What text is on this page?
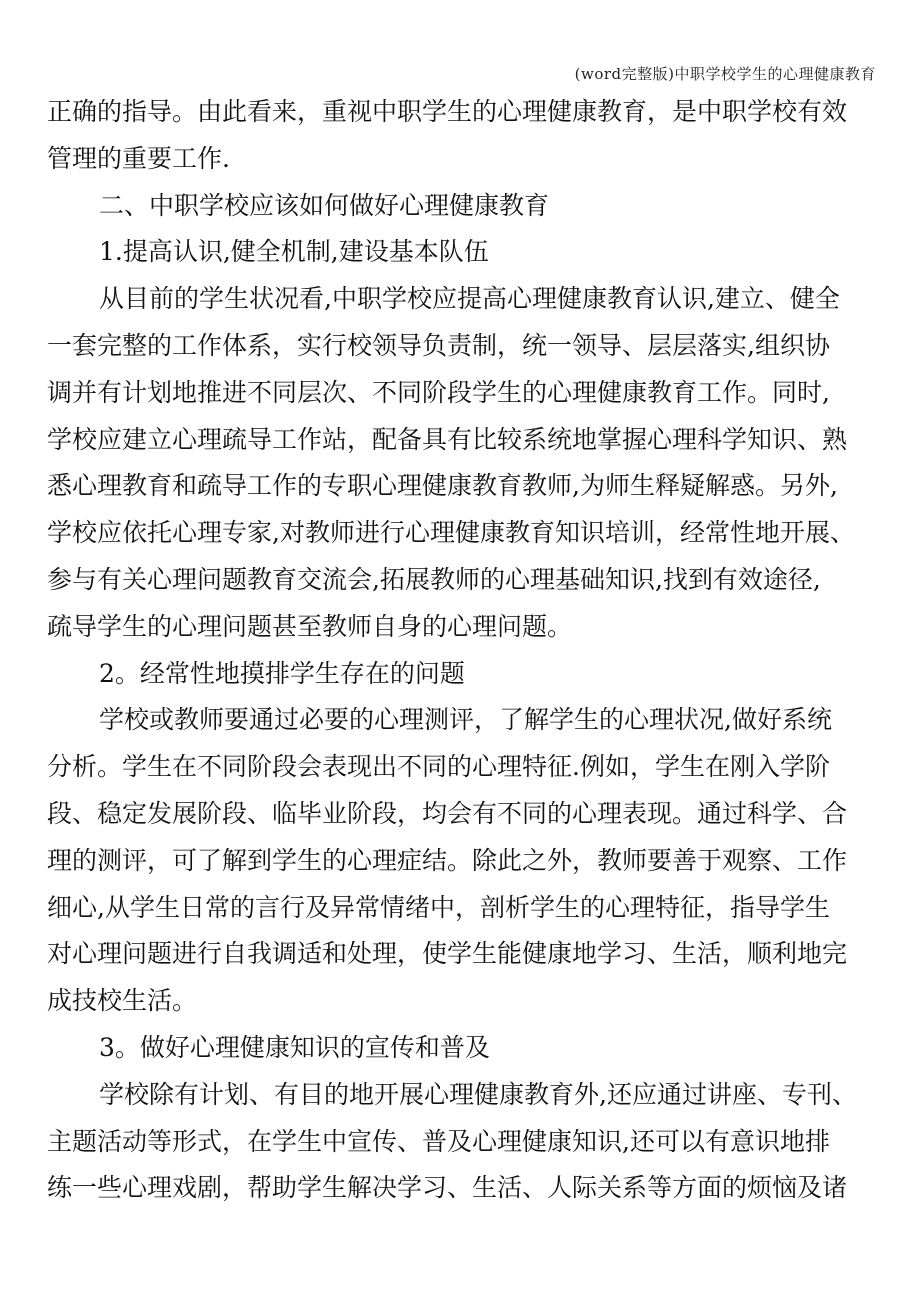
(word完整版)中职学校学生的心理健康教育
正确的指导。由此看来，重视中职学生的心理健康教育，是中职学校有效
管理的重要工作.
二、中职学校应该如何做好心理健康教育
1.提高认识,健全机制,建设基本队伍
从目前的学生状况看,中职学校应提高心理健康教育认识,建立、健全
一套完整的工作体系，实行校领导负责制，统一领导、层层落实,组织协
调并有计划地推进不同层次、不同阶段学生的心理健康教育工作。同时,
学校应建立心理疏导工作站，配备具有比较系统地掌握心理科学知识、熟
悉心理教育和疏导工作的专职心理健康教育教师,为师生释疑解惑。另外,
学校应依托心理专家,对教师进行心理健康教育知识培训，经常性地开展、
参与有关心理问题教育交流会,拓展教师的心理基础知识,找到有效途径,
疏导学生的心理问题甚至教师自身的心理问题。
2。经常性地摸排学生存在的问题
学校或教师要通过必要的心理测评，了解学生的心理状况,做好系统
分析。学生在不同阶段会表现出不同的心理特征.例如，学生在刚入学阶
段、稳定发展阶段、临毕业阶段，均会有不同的心理表现。通过科学、合
理的测评，可了解到学生的心理症结。除此之外，教师要善于观察、工作
细心,从学生日常的言行及异常情绪中，剖析学生的心理特征，指导学生
对心理问题进行自我调适和处理，使学生能健康地学习、生活，顺利地完
成技校生活。
3。做好心理健康知识的宣传和普及
学校除有计划、有目的地开展心理健康教育外,还应通过讲座、专刊、
主题活动等形式，在学生中宣传、普及心理健康知识,还可以有意识地排
练一些心理戏剧，帮助学生解决学习、生活、人际关系等方面的烦恼及诸
